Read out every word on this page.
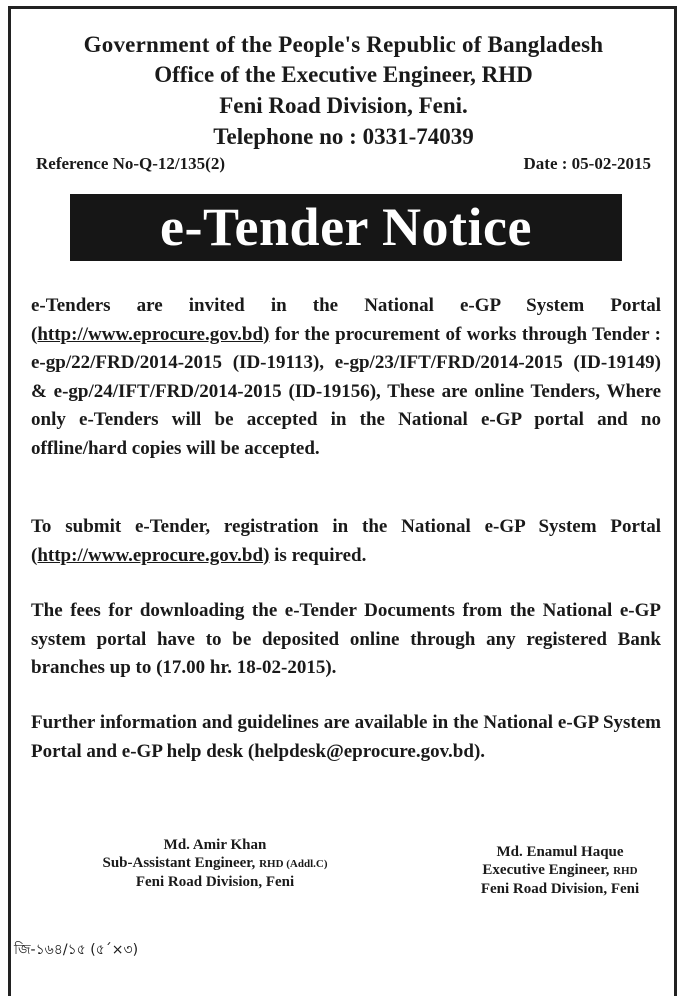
Government of the People's Republic of Bangladesh
Office of the Executive Engineer, RHD
Feni Road Division, Feni.
Telephone no : 0331-74039
Reference No-Q-12/135(2)	Date : 05-02-2015
e-Tender Notice
e-Tenders are invited in the National e-GP System Portal (http://www.eprocure.gov.bd) for the procurement of works through Tender : e-gp/22/FRD/2014-2015 (ID-19113), e-gp/23/IFT/FRD/2014-2015 (ID-19149) & e-gp/24/IFT/FRD/2014-2015 (ID-19156), These are online Tenders, Where only e-Tenders will be accepted in the National e-GP portal and no offline/hard copies will be accepted.
To submit e-Tender, registration in the National e-GP System Portal (http://www.eprocure.gov.bd) is required.
The fees for downloading the e-Tender Documents from the National e-GP system portal have to be deposited online through any registered Bank branches up to (17.00 hr. 18-02-2015).
Further information and guidelines are available in the National e-GP System Portal and e-GP help desk (helpdesk@eprocure.gov.bd).
Md. Amir Khan
Sub-Assistant Engineer, RHD (Addl.C)
Feni Road Division, Feni
Md. Enamul Haque
Executive Engineer, RHD
Feni Road Division, Feni
জি-১৬৪/১৫ (৫´×৩)
